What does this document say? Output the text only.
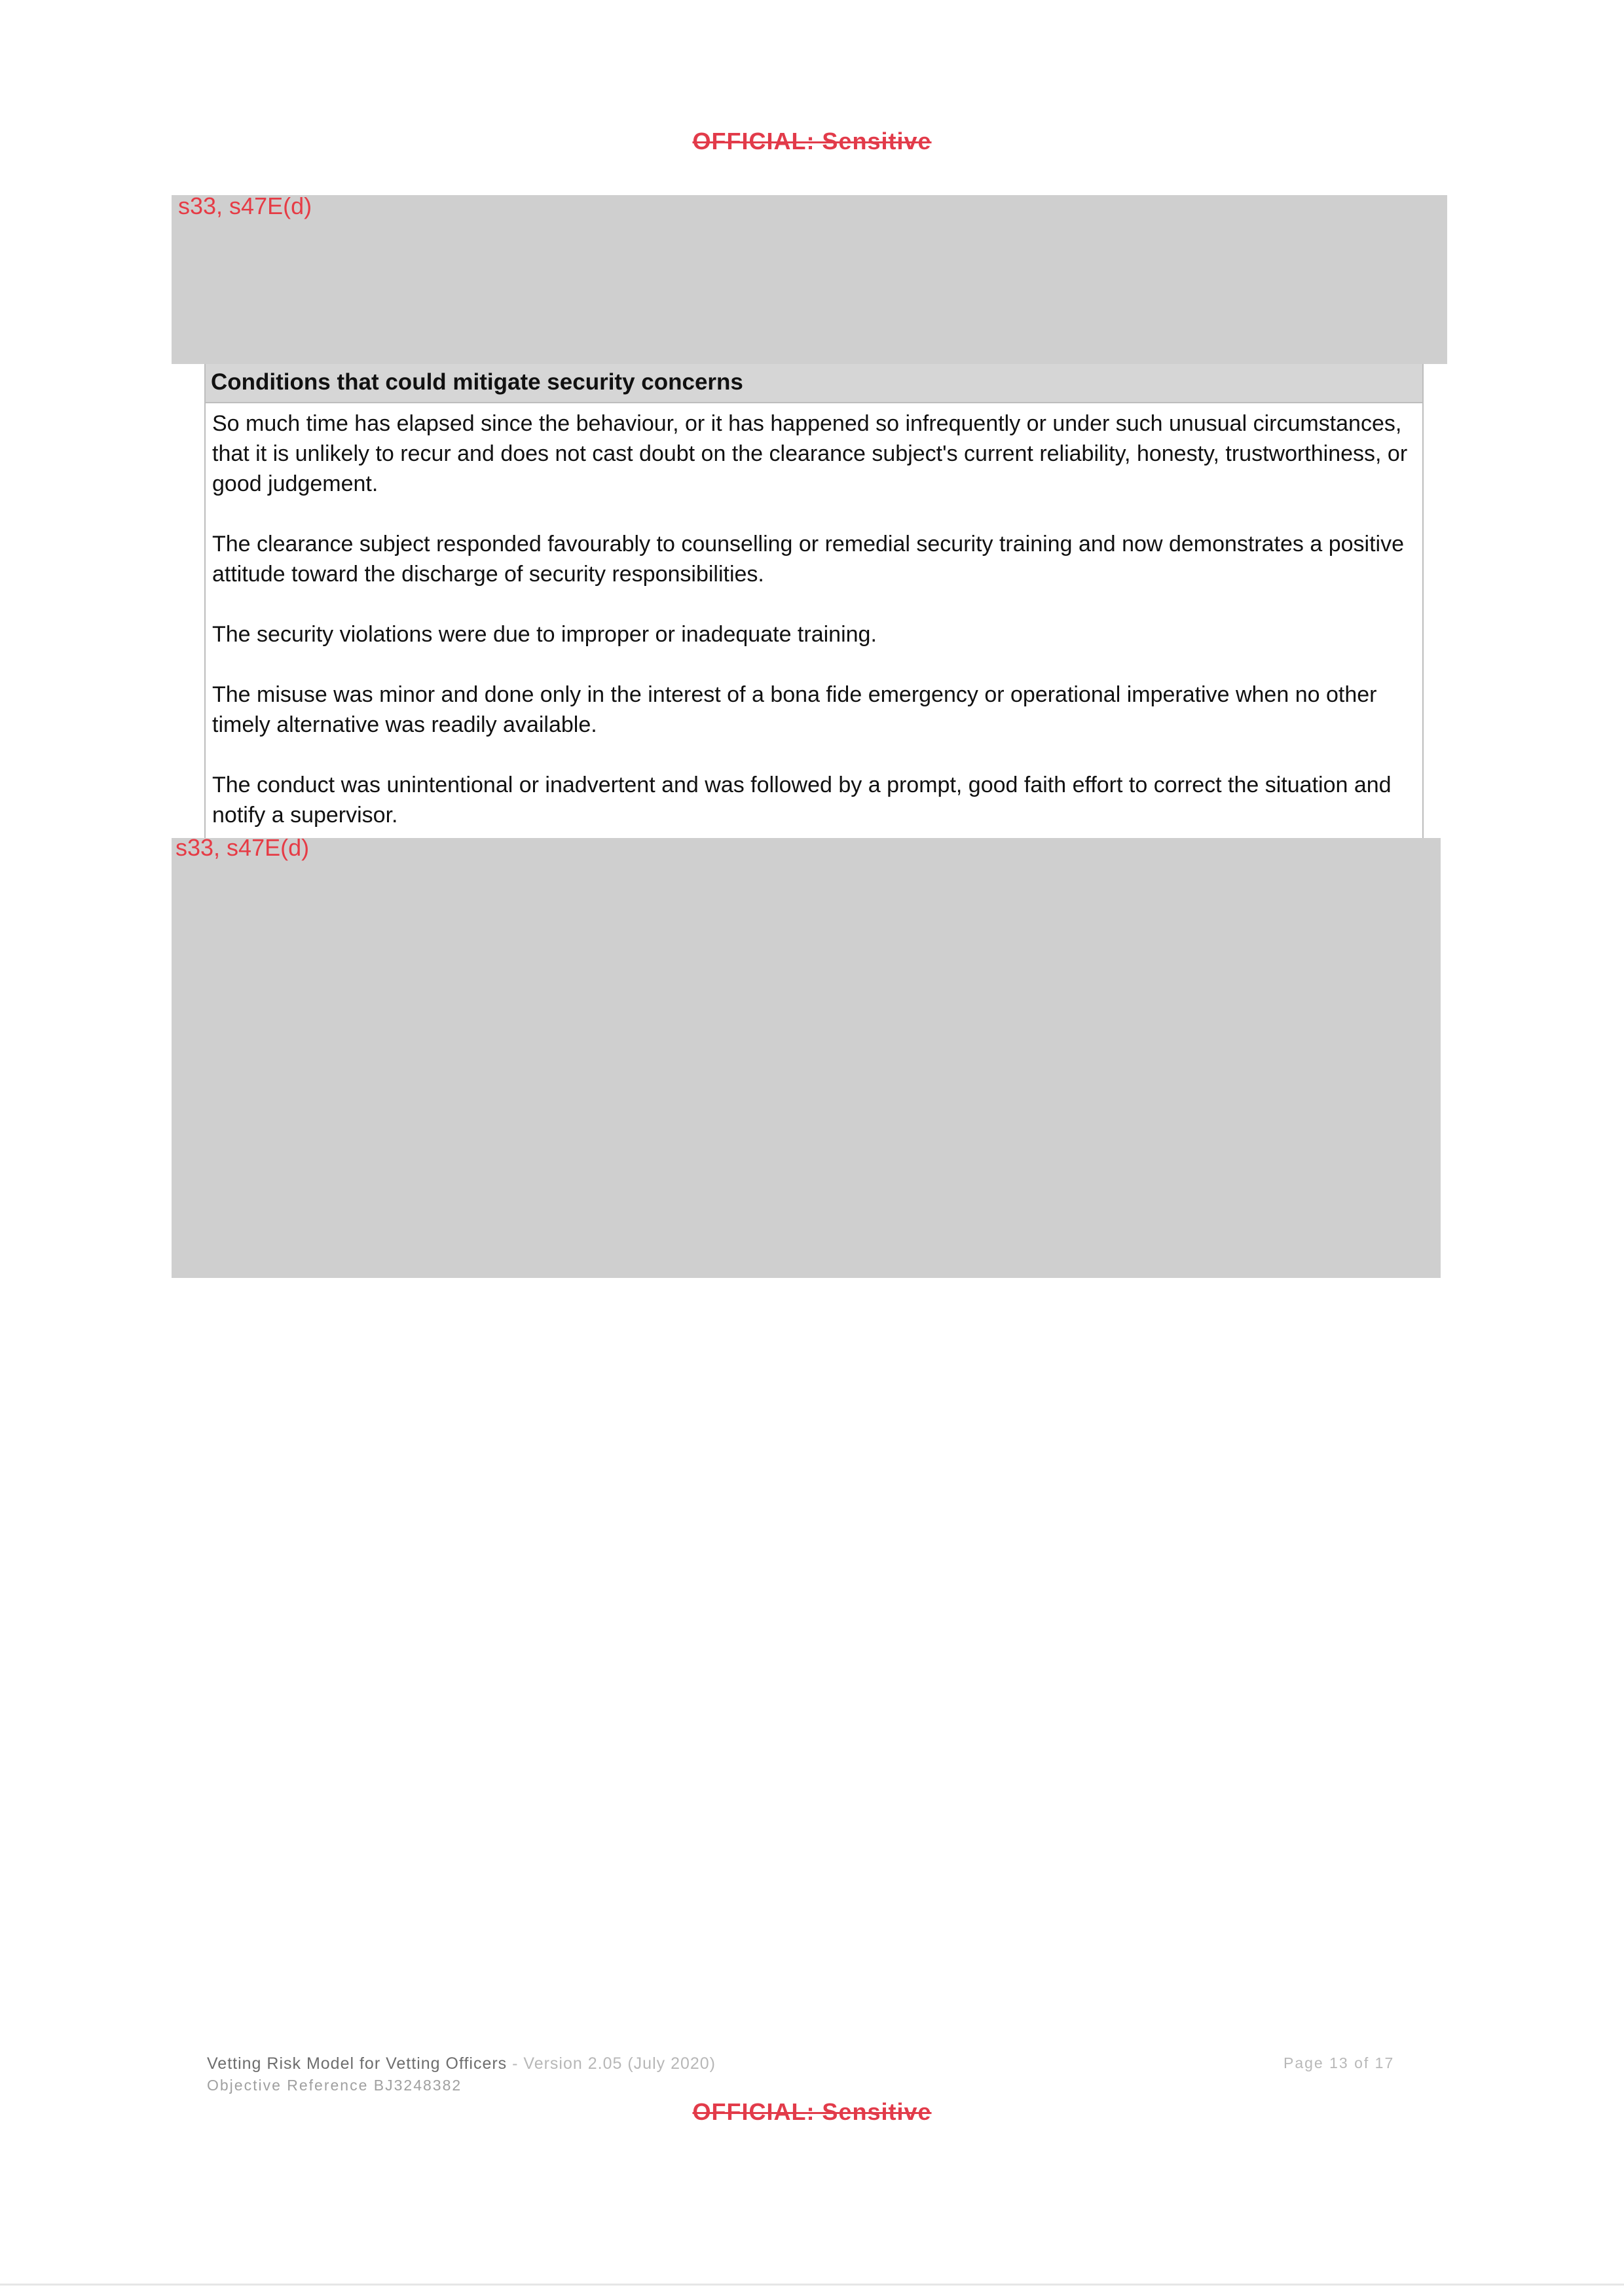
OFFICIAL: Sensitive
s33, s47E(d)
Conditions that could mitigate security concerns

So much time has elapsed since the behaviour, or it has happened so infrequently or under such unusual circumstances, that it is unlikely to recur and does not cast doubt on the clearance subject's current reliability, honesty, trustworthiness, or good judgement.

The clearance subject responded favourably to counselling or remedial security training and now demonstrates a positive attitude toward the discharge of security responsibilities.

The security violations were due to improper or inadequate training.

The misuse was minor and done only in the interest of a bona fide emergency or operational imperative when no other timely alternative was readily available.

The conduct was unintentional or inadvertent and was followed by a prompt, good faith effort to correct the situation and notify a supervisor.

s33, s47E(d)
Vetting Risk Model for Vetting Officers - Version 2.05 (July 2020)
Objective Reference BJ3248382
Page 13 of 17
OFFICIAL: Sensitive
